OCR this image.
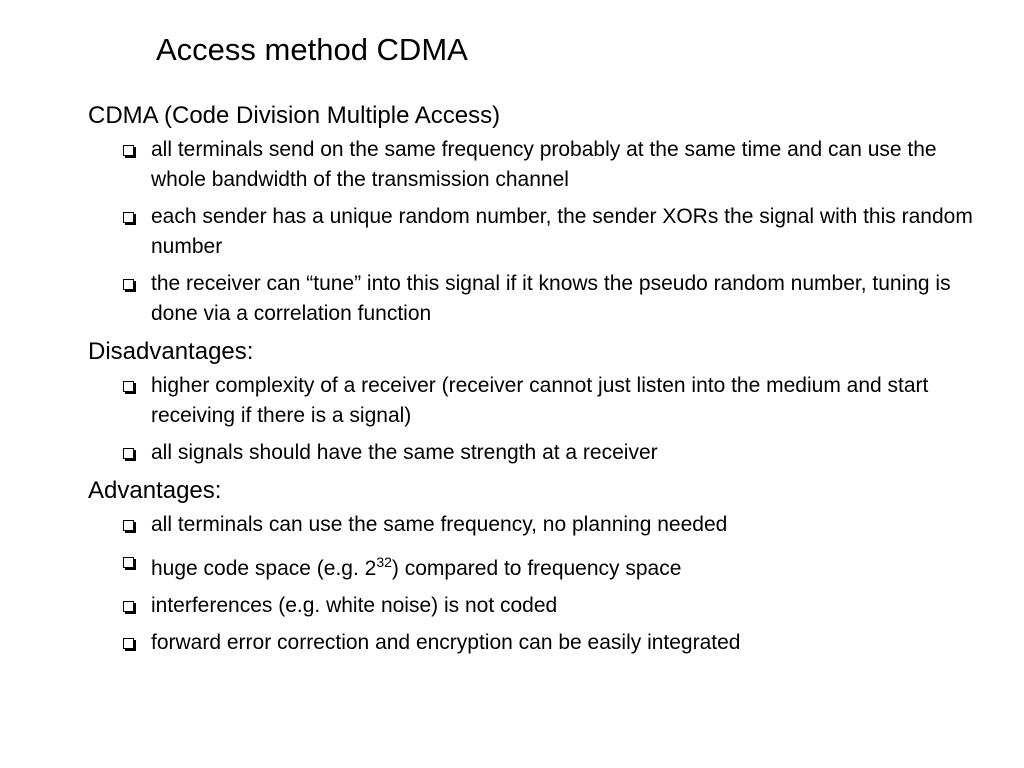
Access method CDMA

CDMA (Code Division Multiple Access)

all terminals send on the same frequency probably at the same time and can use the whole bandwidth of the transmission channel
each sender has a unique random number, the sender XORs the signal with this random number
the receiver can “tune” into this signal if it knows the pseudo random number, tuning is done via a correlation function

Disadvantages:

higher complexity of a receiver (receiver cannot just listen into the medium and start receiving if there is a signal)
all signals should have the same strength at a receiver

Advantages:

all terminals can use the same frequency, no planning needed
huge code space (e.g. $2^{32}$) compared to frequency space
interferences (e.g. white noise) is not coded
forward error correction and encryption can be easily integrated
